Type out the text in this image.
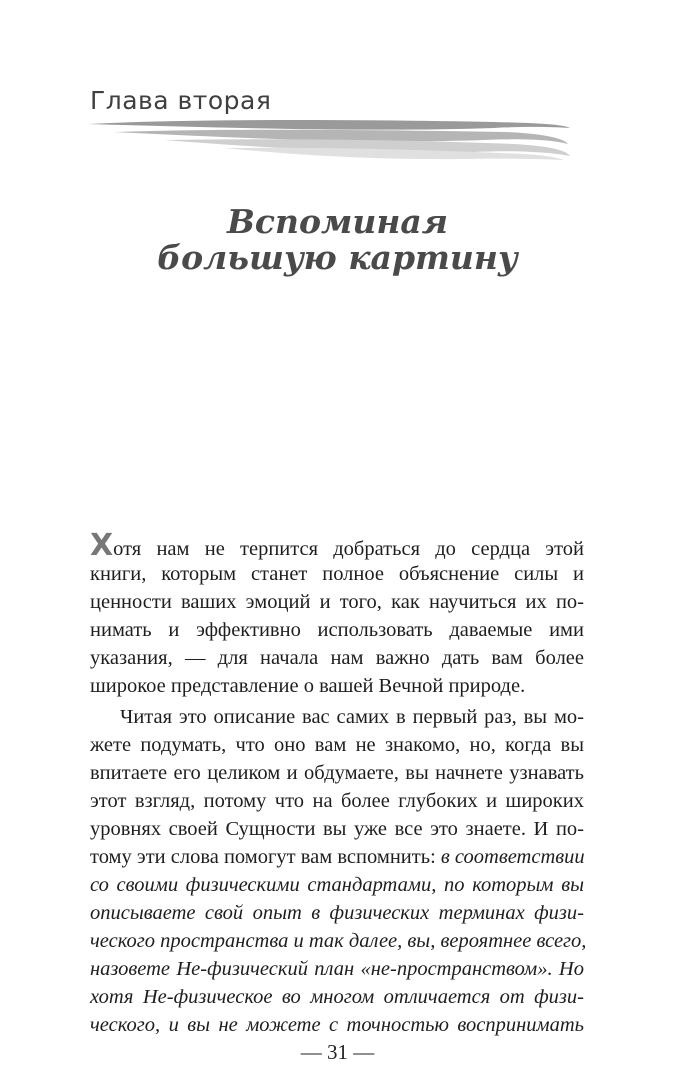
Глава вторая
Вспоминая
большую картину
Хотя нам не терпится добраться до сердца этой
книги, которым станет полное объяснение силы и
ценности ваших эмоций и того, как научиться их по-
нимать и эффективно использовать даваемые ими
указания, — для начала нам важно дать вам более
широкое представление о вашей Вечной природе.
Читая это описание вас самих в первый раз, вы мо-
жете подумать, что оно вам не знакомо, но, когда вы
впитаете его целиком и обдумаете, вы начнете узнавать
этот взгляд, потому что на более глубоких и широких
уровнях своей Сущности вы уже все это знаете. И по-
тому эти слова помогут вам вспомнить: в соответствии
со своими физическими стандартами, по которым вы
описываете свой опыт в физических терминах физи-
ческого пространства и так далее, вы, вероятнее всего,
назовете Не-физический план «не-пространством». Но
хотя Не-физическое во многом отличается от физи-
ческого, и вы не можете с точностью воспринимать
— 31 —
